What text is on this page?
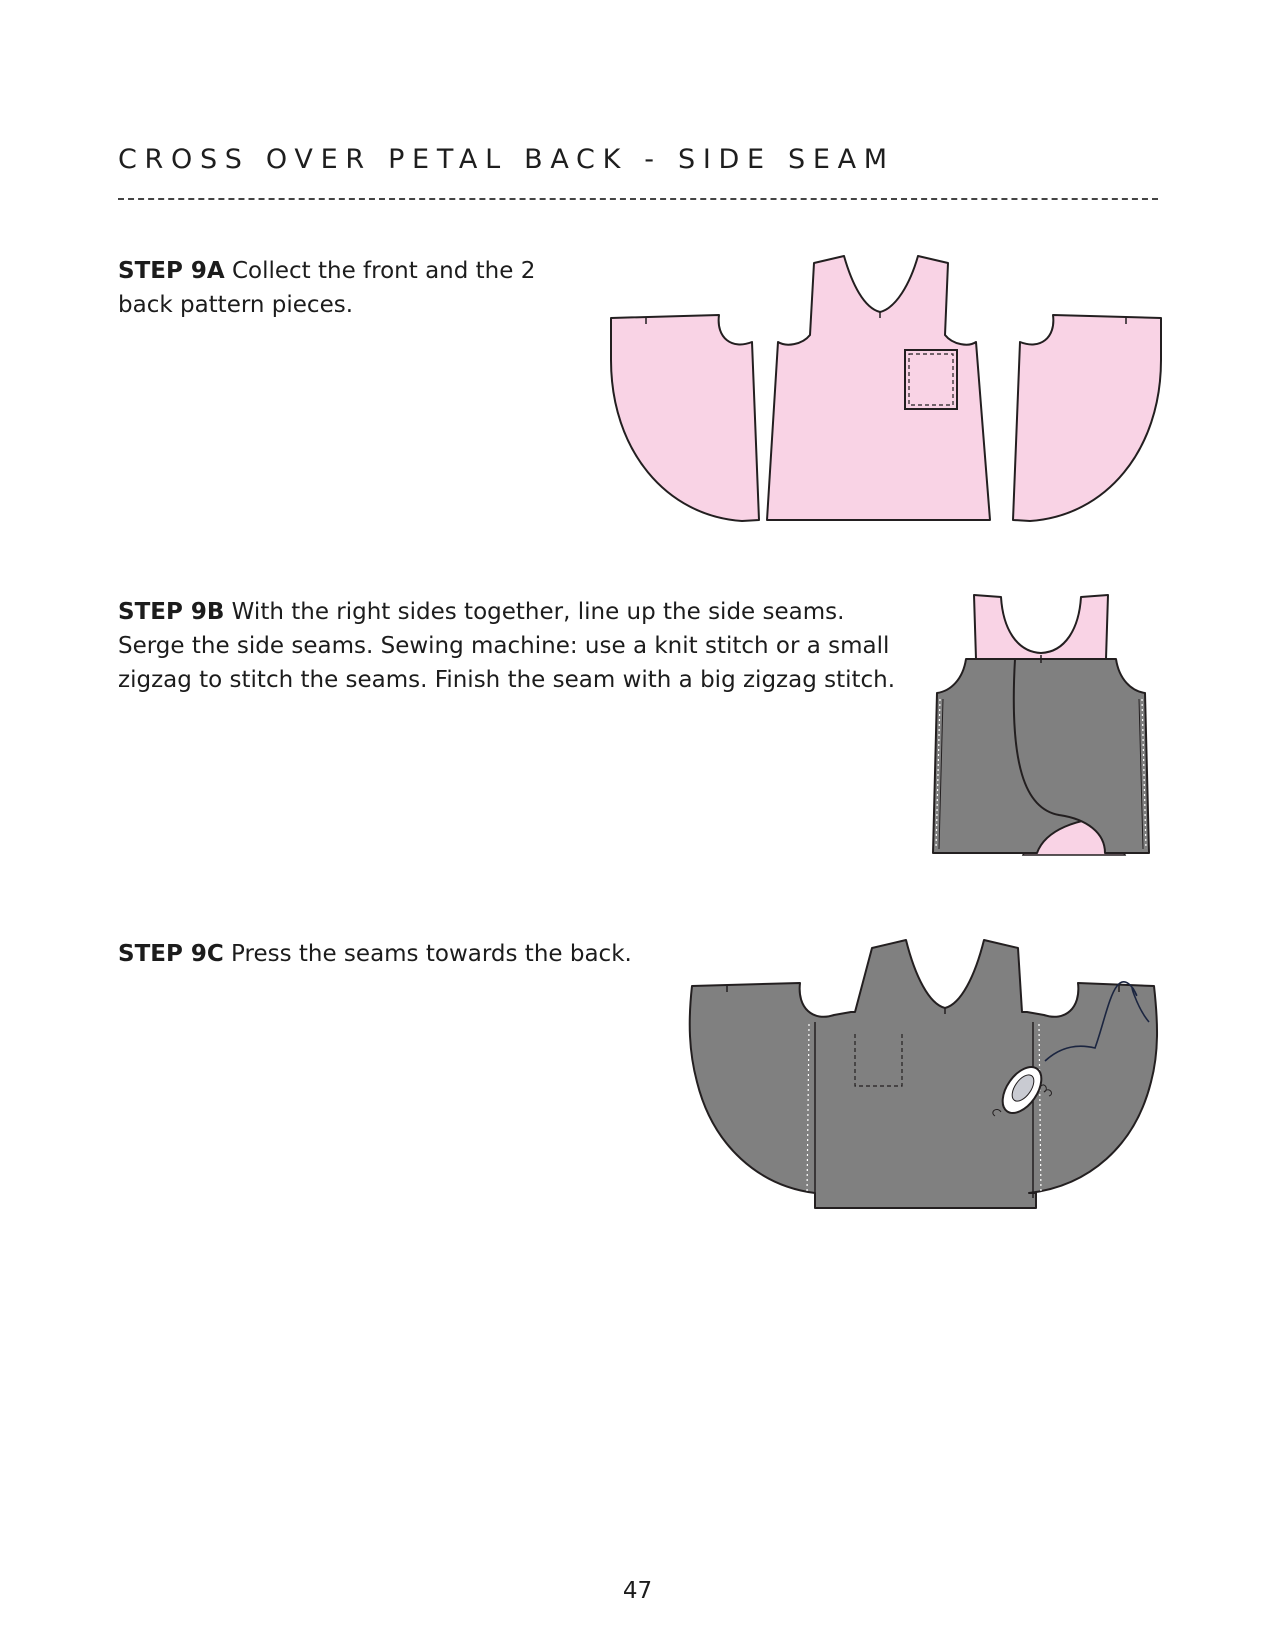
CROSS OVER PETAL BACK - SIDE SEAM

STEP 9A Collect the front and the 2 back pattern pieces.

STEP 9B With the right sides together, line up the side seams. Serge the side seams. Sewing machine: use a knit stitch or a small zigzag to stitch the seams. Finish the seam with a big zigzag stitch.

STEP 9C Press the seams towards the back.

47
